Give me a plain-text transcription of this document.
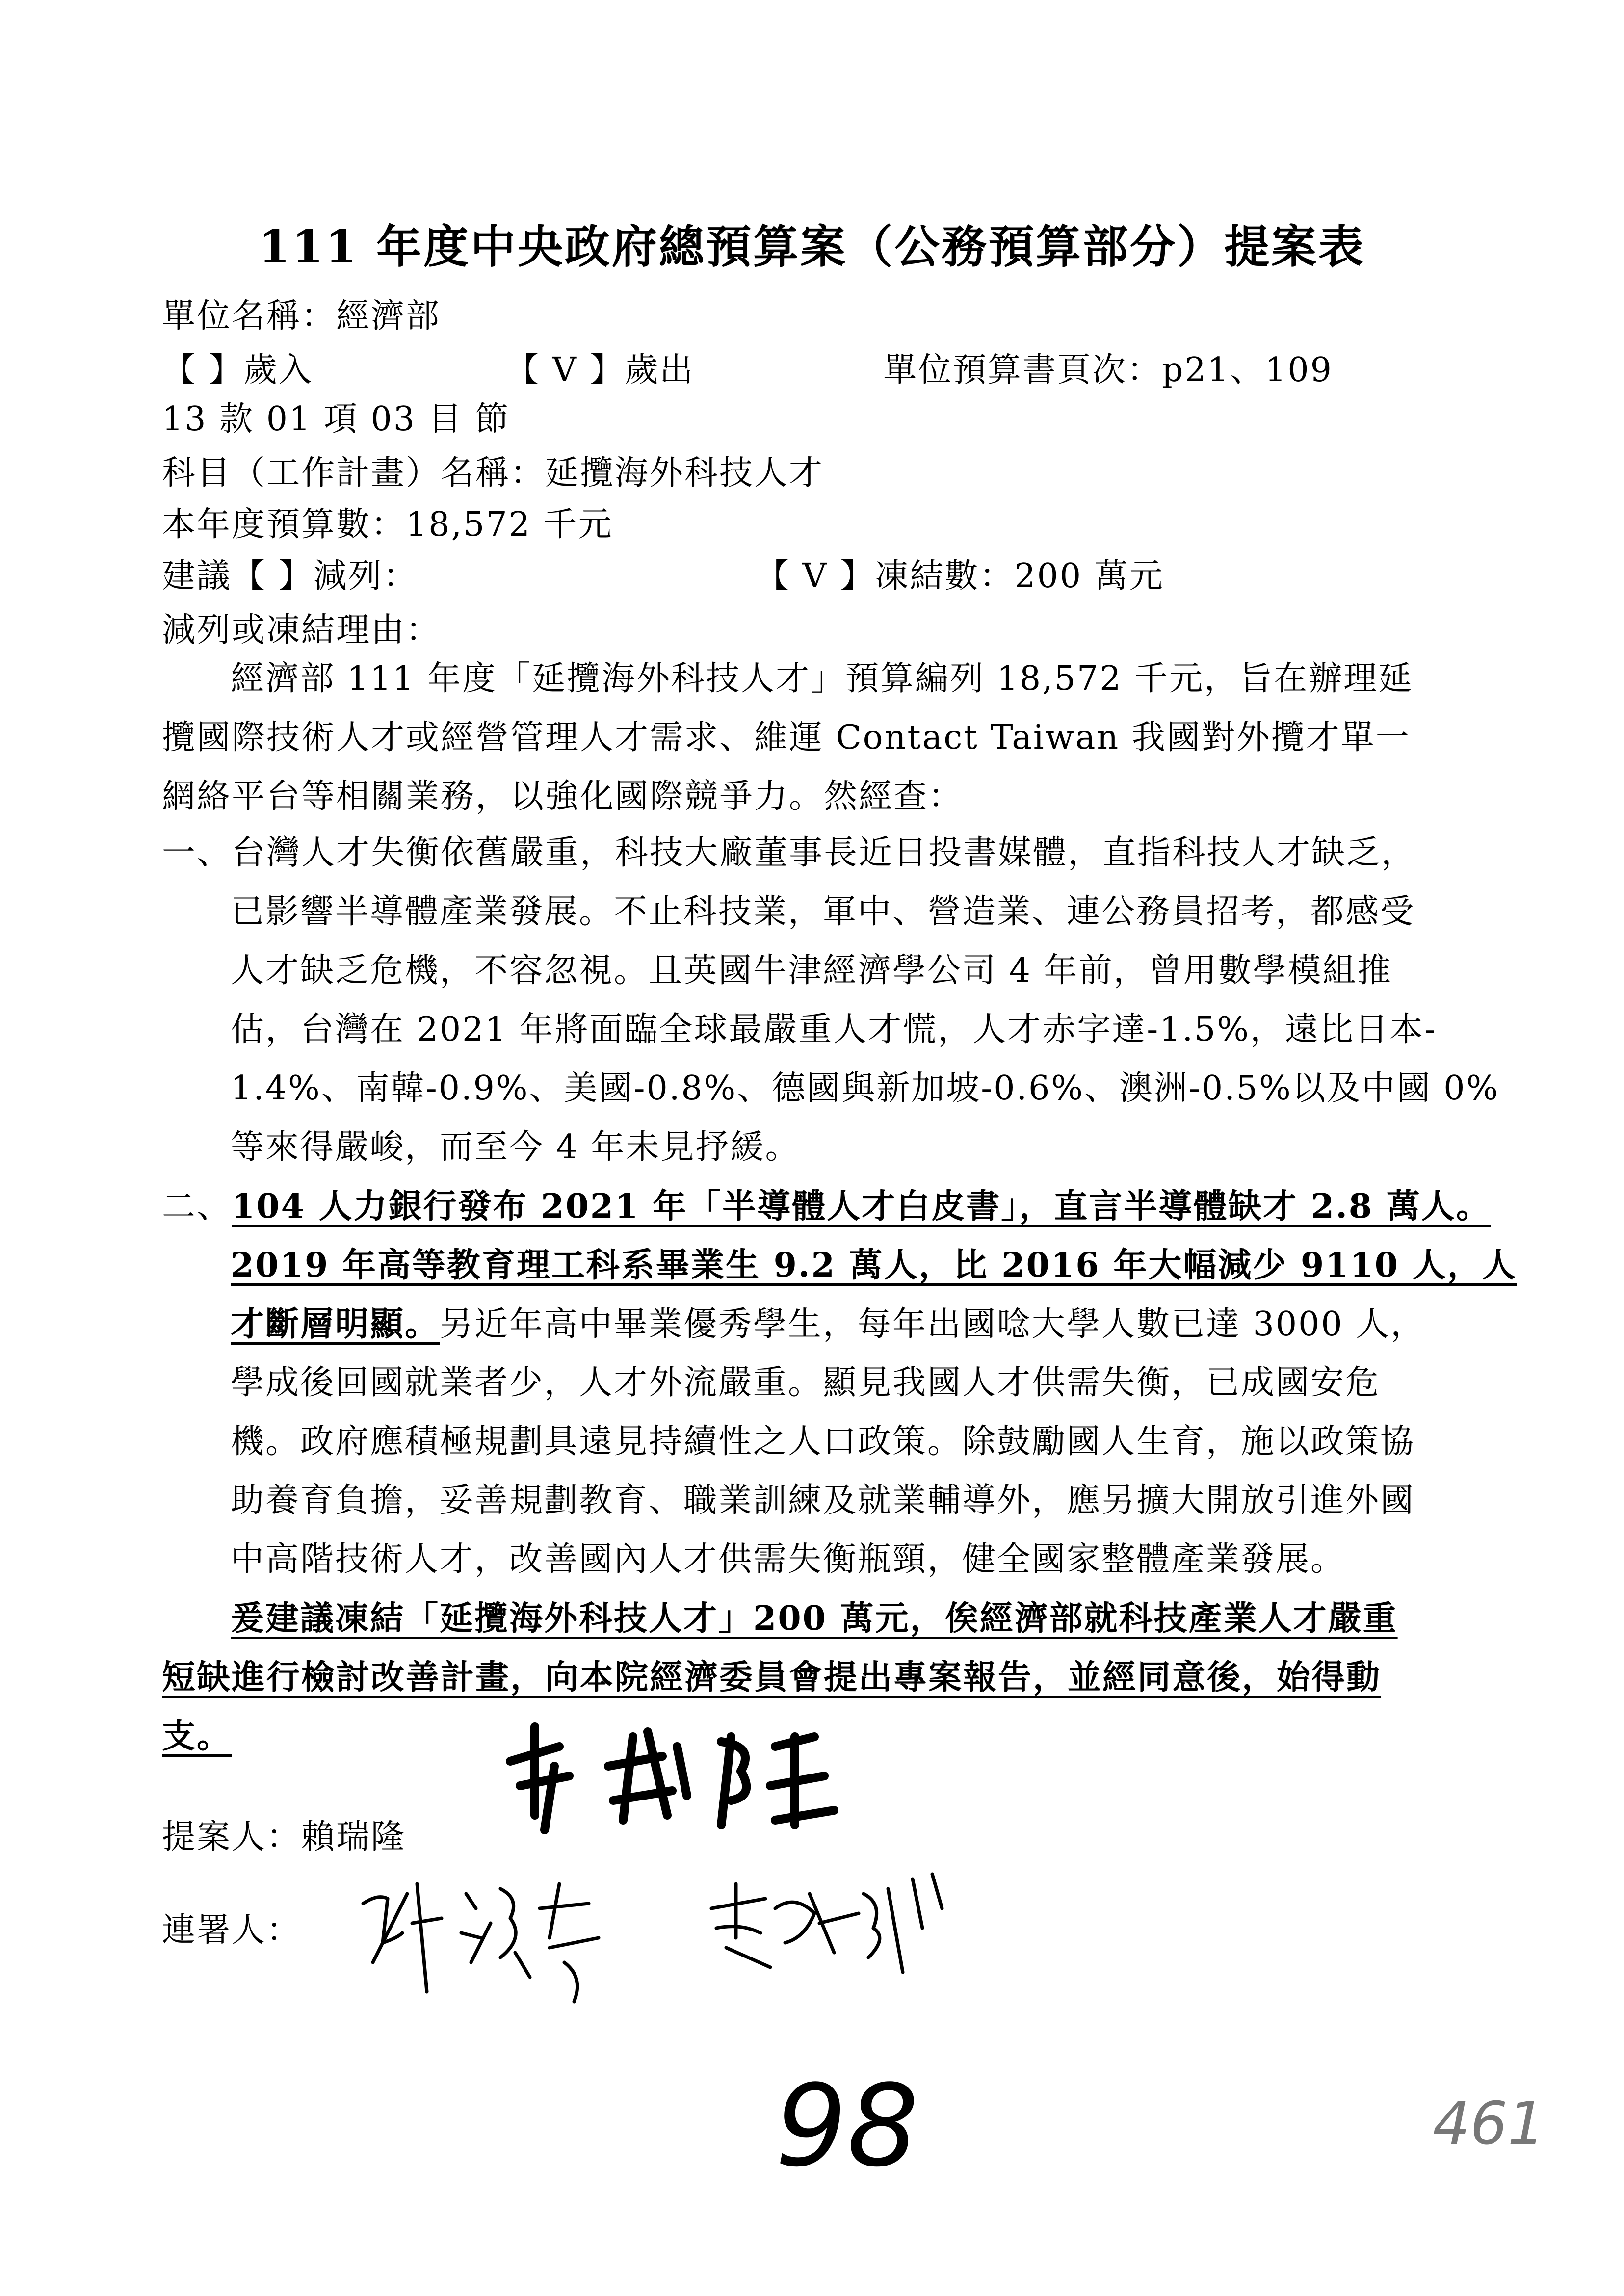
111 年度中央政府總預算案（公務預算部分）提案表
單位名稱：經濟部
【 】歲入	【 V 】歲出	單位預算書頁次：p21、109
13 款 01 項 03 目 節
科目（工作計畫）名稱：延攬海外科技人才
本年度預算數：18,572 千元
建議【 】減列：	【 V 】凍結數：200 萬元
減列或凍結理由：
經濟部 111 年度「延攬海外科技人才」預算編列 18,572 千元，旨在辦理延
攬國際技術人才或經營管理人才需求、維運 Contact Taiwan 我國對外攬才單一
網絡平台等相關業務，以強化國際競爭力。然經查：
一、台灣人才失衡依舊嚴重，科技大廠董事長近日投書媒體，直指科技人才缺乏，
已影響半導體產業發展。不止科技業，軍中、營造業、連公務員招考，都感受
人才缺乏危機，不容忽視。且英國牛津經濟學公司 4 年前，曾用數學模組推
估，台灣在 2021 年將面臨全球最嚴重人才慌，人才赤字達-1.5%，遠比日本-
1.4%、南韓-0.9%、美國-0.8%、德國與新加坡-0.6%、澳洲-0.5%以及中國 0%
等來得嚴峻，而至今 4 年未見抒緩。
二、104 人力銀行發布 2021 年「半導體人才白皮書」，直言半導體缺才 2.8 萬人。
2019 年高等教育理工科系畢業生 9.2 萬人，比 2016 年大幅減少 9110 人，人
才斷層明顯。另近年高中畢業優秀學生，每年出國唸大學人數已達 3000 人，
學成後回國就業者少，人才外流嚴重。顯見我國人才供需失衡，已成國安危
機。政府應積極規劃具遠見持續性之人口政策。除鼓勵國人生育，施以政策協
助養育負擔，妥善規劃教育、職業訓練及就業輔導外，應另擴大開放引進外國
中高階技術人才，改善國內人才供需失衡瓶頸，健全國家整體產業發展。
爰建議凍結「延攬海外科技人才」200 萬元，俟經濟部就科技產業人才嚴重
短缺進行檢討改善計畫，向本院經濟委員會提出專案報告，並經同意後，始得動
支。
提案人：賴瑞隆
連署人：
98	461
